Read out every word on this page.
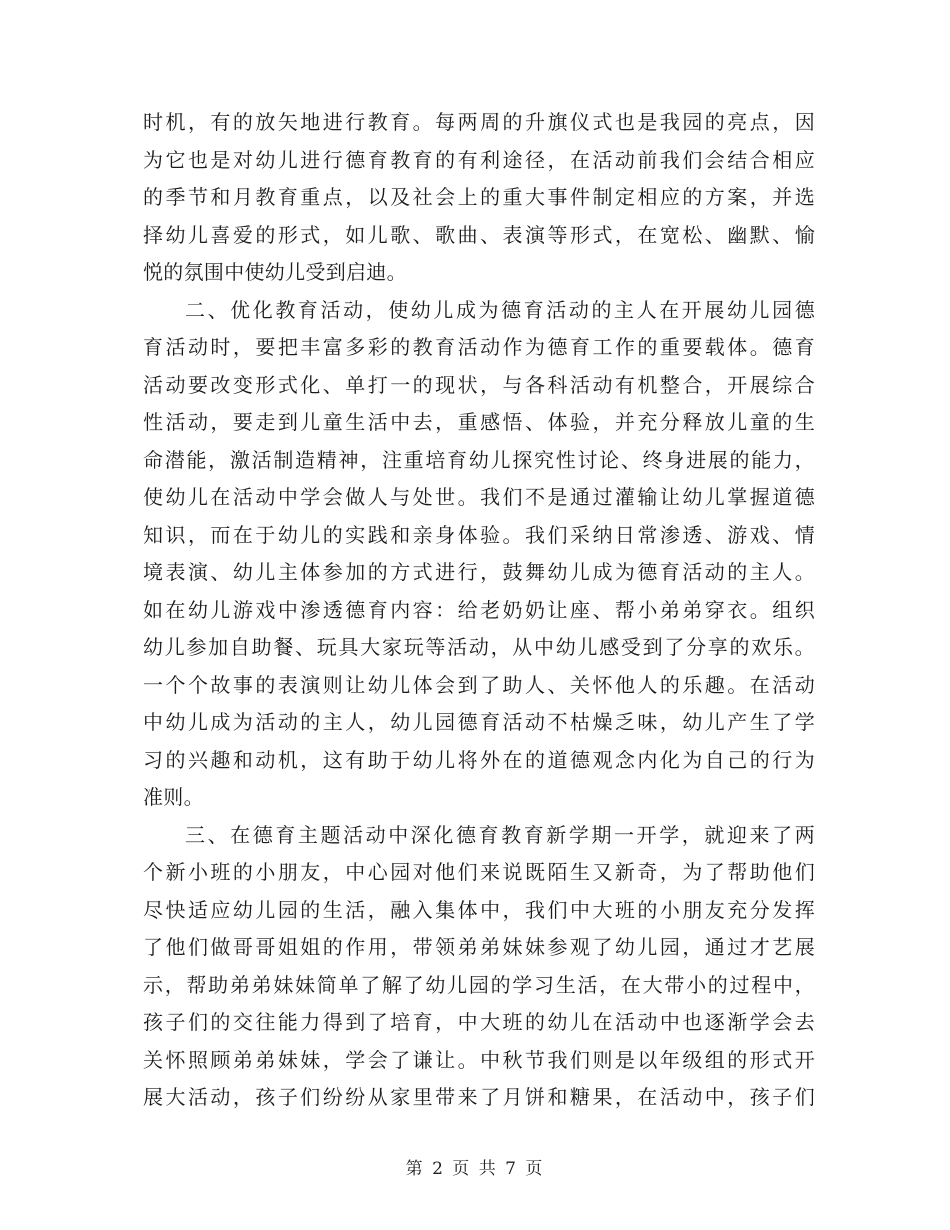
时机，有的放矢地进行教育。每两周的升旗仪式也是我园的亮点，因
为它也是对幼儿进行德育教育的有利途径，在活动前我们会结合相应
的季节和月教育重点，以及社会上的重大事件制定相应的方案，并选
择幼儿喜爱的形式，如儿歌、歌曲、表演等形式，在宽松、幽默、愉
悦的氛围中使幼儿受到启迪。
二、优化教育活动，使幼儿成为德育活动的主人在开展幼儿园德
育活动时，要把丰富多彩的教育活动作为德育工作的重要载体。德育
活动要改变形式化、单打一的现状，与各科活动有机整合，开展综合
性活动，要走到儿童生活中去，重感悟、体验，并充分释放儿童的生
命潜能，激活制造精神，注重培育幼儿探究性讨论、终身进展的能力，
使幼儿在活动中学会做人与处世。我们不是通过灌输让幼儿掌握道德
知识，而在于幼儿的实践和亲身体验。我们采纳日常渗透、游戏、情
境表演、幼儿主体参加的方式进行，鼓舞幼儿成为德育活动的主人。
如在幼儿游戏中渗透德育内容：给老奶奶让座、帮小弟弟穿衣。组织
幼儿参加自助餐、玩具大家玩等活动，从中幼儿感受到了分享的欢乐。
一个个故事的表演则让幼儿体会到了助人、关怀他人的乐趣。在活动
中幼儿成为活动的主人，幼儿园德育活动不枯燥乏味，幼儿产生了学
习的兴趣和动机，这有助于幼儿将外在的道德观念内化为自己的行为
准则。
三、在德育主题活动中深化德育教育新学期一开学，就迎来了两
个新小班的小朋友，中心园对他们来说既陌生又新奇，为了帮助他们
尽快适应幼儿园的生活，融入集体中，我们中大班的小朋友充分发挥
了他们做哥哥姐姐的作用，带领弟弟妹妹参观了幼儿园，通过才艺展
示，帮助弟弟妹妹简单了解了幼儿园的学习生活，在大带小的过程中，
孩子们的交往能力得到了培育，中大班的幼儿在活动中也逐渐学会去
关怀照顾弟弟妹妹，学会了谦让。中秋节我们则是以年级组的形式开
展大活动，孩子们纷纷从家里带来了月饼和糖果，在活动中，孩子们
第 2 页 共 7 页
